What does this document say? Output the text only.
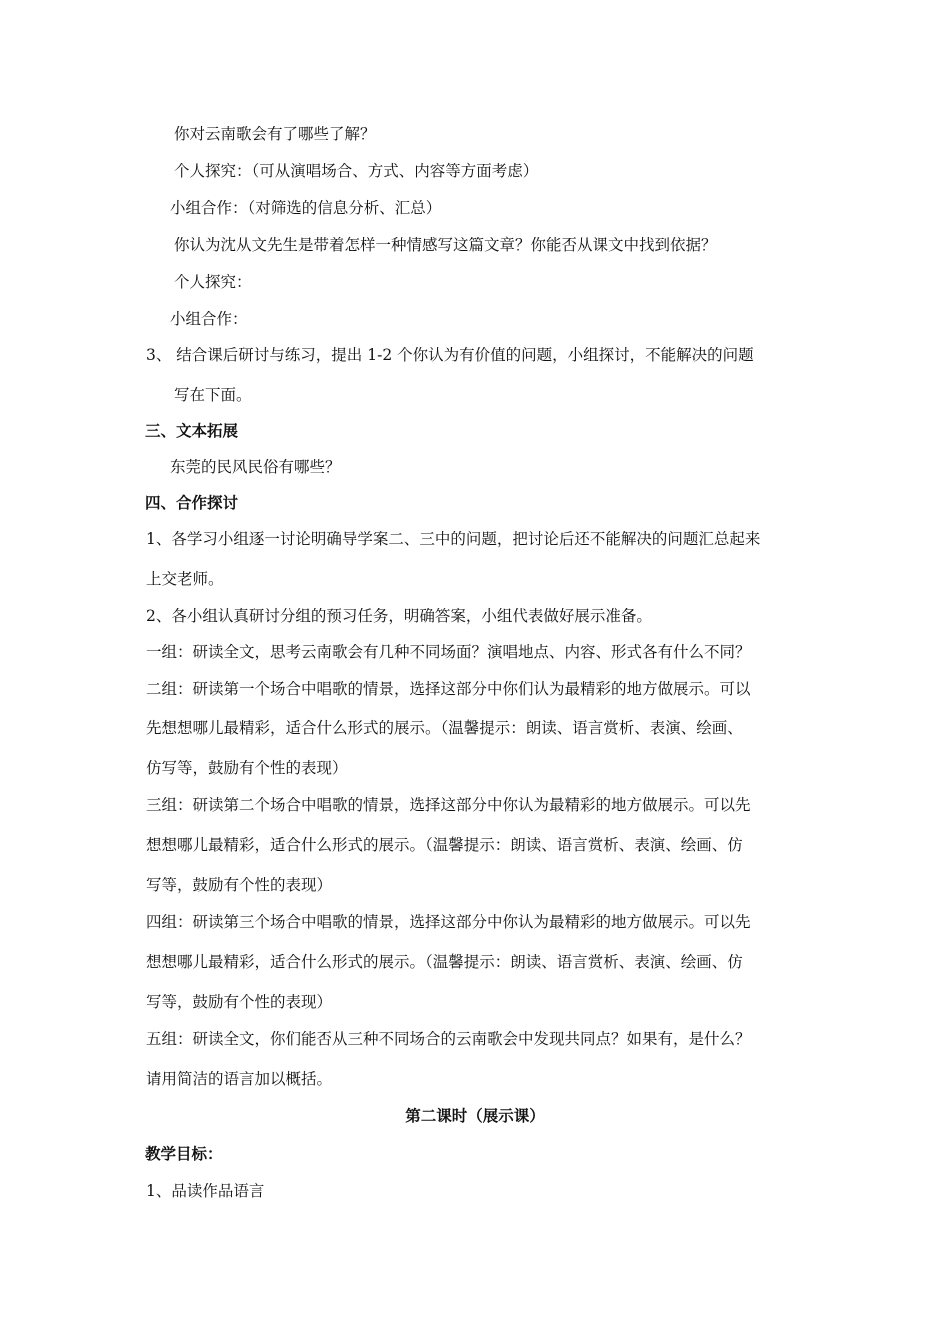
你对云南歌会有了哪些了解？
个人探究：（可从演唱场合、方式、内容等方面考虑）
小组合作：（对筛选的信息分析、汇总）
你认为沈从文先生是带着怎样一种情感写这篇文章？你能否从课文中找到依据？
个人探究：
小组合作：
3、 结合课后研讨与练习，提出 1-2 个你认为有价值的问题，小组探讨，不能解决的问题
写在下面。
三、文本拓展
东莞的民风民俗有哪些？
四、合作探讨
1、各学习小组逐一讨论明确导学案二、三中的问题，把讨论后还不能解决的问题汇总起来
上交老师。
2、各小组认真研讨分组的预习任务，明确答案，小组代表做好展示准备。
一组：研读全文，思考云南歌会有几种不同场面？演唱地点、内容、形式各有什么不同？
二组：研读第一个场合中唱歌的情景，选择这部分中你们认为最精彩的地方做展示。可以
先想想哪儿最精彩，适合什么形式的展示。（温馨提示：朗读、语言赏析、表演、绘画、
仿写等，鼓励有个性的表现）
三组：研读第二个场合中唱歌的情景，选择这部分中你认为最精彩的地方做展示。可以先
想想哪儿最精彩，适合什么形式的展示。（温馨提示：朗读、语言赏析、表演、绘画、仿
写等，鼓励有个性的表现）
四组：研读第三个场合中唱歌的情景，选择这部分中你认为最精彩的地方做展示。可以先
想想哪儿最精彩，适合什么形式的展示。（温馨提示：朗读、语言赏析、表演、绘画、仿
写等，鼓励有个性的表现）
五组：研读全文，你们能否从三种不同场合的云南歌会中发现共同点？如果有，是什么？
请用简洁的语言加以概括。
第二课时（展示课）
教学目标：
1、品读作品语言
